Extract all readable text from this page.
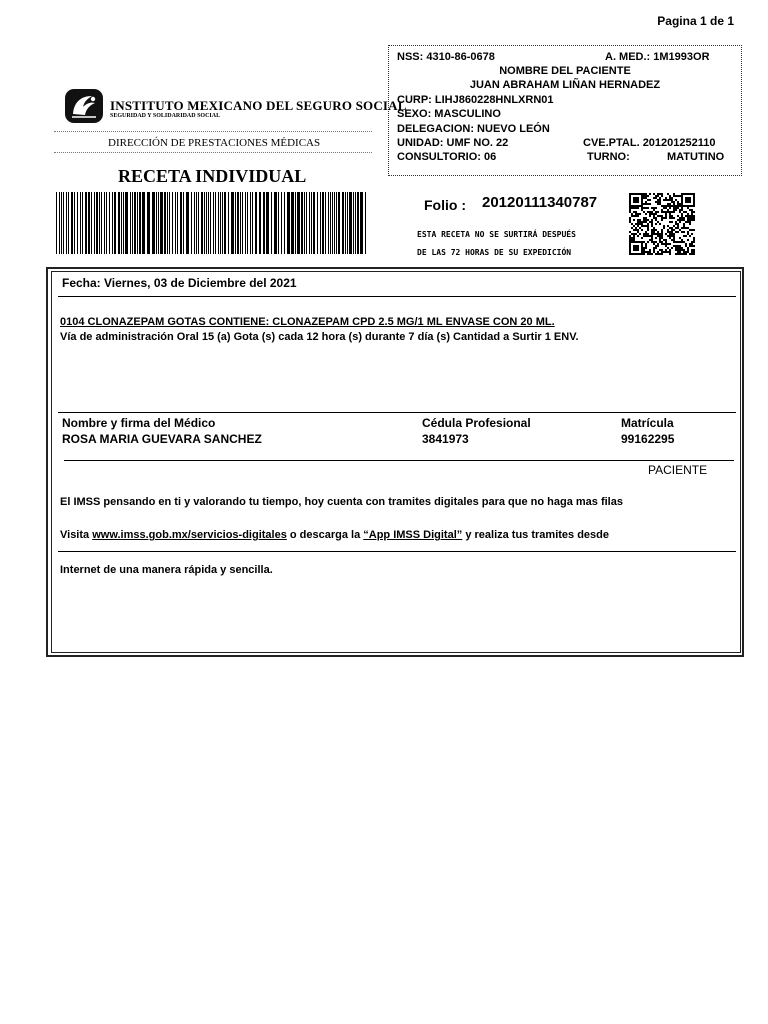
Pagina 1 de 1
NSS: 4310-86-0678	A. MED.: 1M1993OR
NOMBRE DEL PACIENTE
JUAN ABRAHAM LIÑAN HERNADEZ
CURP: LIHJ860228HNLXRN01
SEXO: MASCULINO
DELEGACION: NUEVO LEÓN
UNIDAD: UMF NO. 22	CVE.PTAL. 201201252110
CONSULTORIO: 06	TURNO:	MATUTINO
INSTITUTO MEXICANO DEL SEGURO SOCIAL
SEGURIDAD Y SOLIDARIDAD SOCIAL
DIRECCIÓN DE PRESTACIONES MÉDICAS
RECETA INDIVIDUAL
Folio : 20120111340787
ESTA RECETA NO SE SURTIRÁ DESPUÉS
DE LAS 72 HORAS DE SU EXPEDICIÓN
Fecha: Viernes, 03 de Diciembre del 2021
0104 CLONAZEPAM GOTAS CONTIENE: CLONAZEPAM CPD 2.5 MG/1 ML ENVASE CON 20 ML.
Vía de administración Oral 15 (a) Gota (s) cada 12 hora (s) durante 7 día (s) Cantidad a Surtir 1 ENV.
Nombre y firma del Médico	Cédula Profesional	Matrícula
ROSA MARIA GUEVARA SANCHEZ	3841973	99162295
PACIENTE
El IMSS pensando en ti y valorando tu tiempo, hoy cuenta con tramites digitales para que no haga mas filas
Visita www.imss.gob.mx/servicios-digitales o descarga la “App IMSS Digital” y realiza tus tramites desde
Internet de una manera rápida y sencilla.
